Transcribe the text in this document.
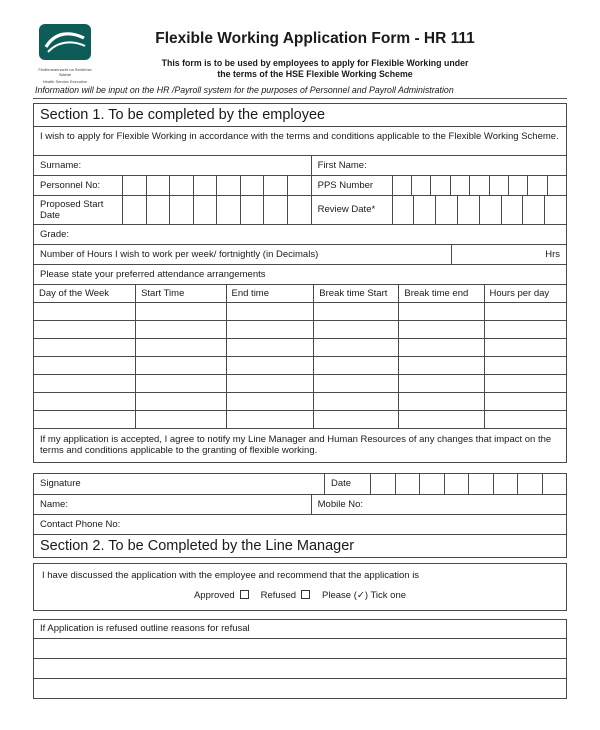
Feidhmeannacht na Seirbhíse Sláinte
Health Service Executive
Flexible Working Application Form - HR 111
This form is to be used by employees to apply for Flexible Working under
the terms of the HSE Flexible Working Scheme
Information will be input on the HR /Payroll system for the purposes of Personnel and Payroll Administration
Section 1. To be completed by the employee
I wish to apply for Flexible Working in accordance with the terms and conditions applicable to the Flexible Working Scheme.
Surname:	First Name:
Personnel No:	PPS Number
Proposed Start Date	Review Date*
Grade:
Number of Hours I wish to work per week/ fortnightly (in Decimals)	Hrs
Please state your preferred attendance arrangements
Day of the Week	Start Time	End time	Break time Start	Break time end	Hours per day
If my application is accepted, I agree to notify my Line Manager and Human Resources of any changes that impact on the terms and conditions applicable to the granting of flexible working.
Signature	Date
Name:	Mobile No:
Contact Phone No:
Section 2. To be Completed by the Line Manager
I have discussed the application with the employee and recommend that the application is
Approved	Refused	Please (✓) Tick one
If Application is refused outline reasons for refusal
